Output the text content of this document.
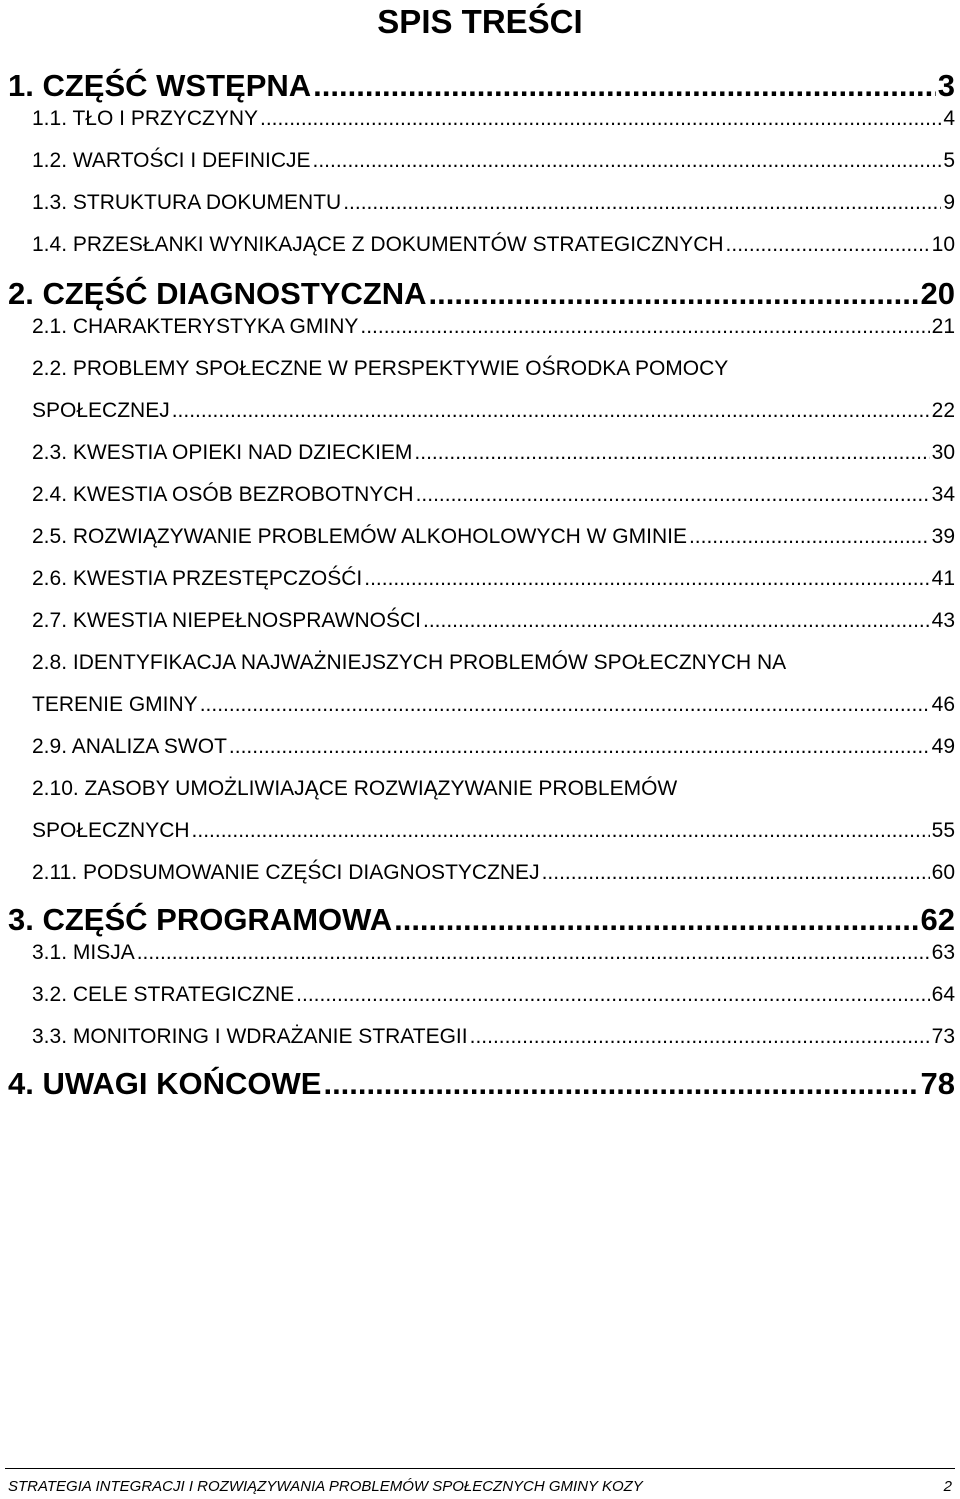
SPIS TREŚCI
1. CZĘŚĆ WSTĘPNA .....	3
1.1. TŁO I PRZYCZYNY .....	4
1.2. WARTOŚCI I DEFINICJE .....	5
1.3. STRUKTURA DOKUMENTU .....	9
1.4. PRZESŁANKI WYNIKAJĄCE Z DOKUMENTÓW STRATEGICZNYCH .....	10
2. CZĘŚĆ DIAGNOSTYCZNA .....	20
2.1. CHARAKTERYSTYKA GMINY .....	21
2.2. PROBLEMY SPOŁECZNE W PERSPEKTYWIE OŚRODKA POMOCY
SPOŁECZNEJ .....	22
2.3. KWESTIA OPIEKI NAD DZIECKIEM .....	30
2.4. KWESTIA OSÓB BEZROBOTNYCH .....	34
2.5. ROZWIĄZYWANIE PROBLEMÓW ALKOHOLOWYCH W GMINIE .....	39
2.6. KWESTIA PRZESTĘPCZOŚĆI .....	41
2.7. KWESTIA NIEPEŁNOSPRAWNOŚCI .....	43
2.8. IDENTYFIKACJA NAJWAŻNIEJSZYCH PROBLEMÓW SPOŁECZNYCH NA
TERENIE GMINY .....	46
2.9. ANALIZA SWOT .....	49
2.10. ZASOBY UMOŻLIWIAJĄCE ROZWIĄZYWANIE PROBLEMÓW
SPOŁECZNYCH .....	55
2.11. PODSUMOWANIE CZĘŚCI DIAGNOSTYCZNEJ .....	60
3. CZĘŚĆ PROGRAMOWA .....	62
3.1. MISJA .....	63
3.2. CELE STRATEGICZNE .....	64
3.3. MONITORING I WDRAŻANIE STRATEGII .....	73
4. UWAGI KOŃCOWE .....	78
STRATEGIA INTEGRACJI I ROZWIĄZYWANIA PROBLEMÓW SPOŁECZNYCH GMINY KOZY	2
